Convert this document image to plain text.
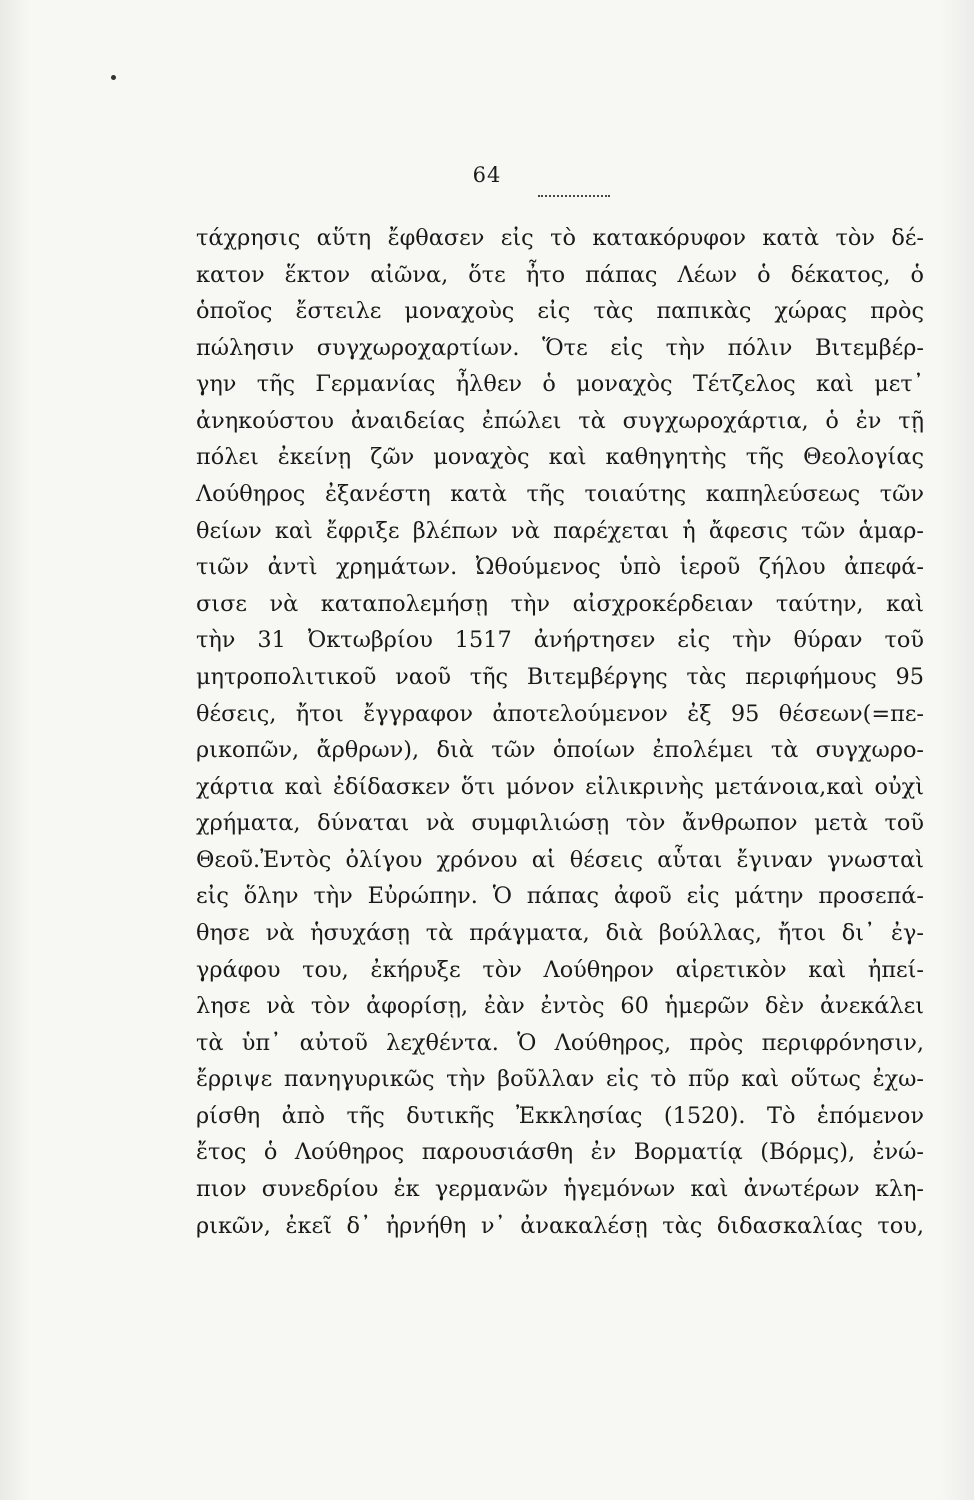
64
τάχρησις αὕτη ἔφθασεν εἰς τὸ κατακόρυφον κατὰ τὸν δέ-
κατον ἕκτον αἰῶνα, ὅτε ἦτο πάπας Λέων ὁ δέκατος, ὁ
ὁποῖος ἔστειλε μοναχοὺς εἰς τὰς παπικὰς χώρας πρὸς
πώλησιν συγχωροχαρτίων. Ὅτε εἰς τὴν πόλιν Βιτεμβέρ-
γην τῆς Γερμανίας ἦλθεν ὁ μοναχὸς Τέτζελος καὶ μετ᾽
ἀνηκούστου ἀναιδείας ἐπώλει τὰ συγχωροχάρτια, ὁ ἐν τῇ
πόλει ἐκείνῃ ζῶν μοναχὸς καὶ καθηγητὴς τῆς Θεολογίας
Λούθηρος ἐξανέστη κατὰ τῆς τοιαύτης καπηλεύσεως τῶν
θείων καὶ ἔφριξε βλέπων νὰ παρέχεται ἡ ἄφεσις τῶν ἁμαρ-
τιῶν ἀντὶ χρημάτων. Ὠθούμενος ὑπὸ ἱεροῦ ζήλου ἀπεφά-
σισε νὰ καταπολεμήσῃ τὴν αἰσχροκέρδειαν ταύτην, καὶ
τὴν 31 Ὀκτωβρίου 1517 ἀνήρτησεν εἰς τὴν θύραν τοῦ
μητροπολιτικοῦ ναοῦ τῆς Βιτεμβέργης τὰς περιφήμους 95
θέσεις, ἤτοι ἔγγραφον ἀποτελούμενον ἐξ 95 θέσεων(=πε-
ρικοπῶν, ἄρθρων), διὰ τῶν ὁποίων ἐπολέμει τὰ συγχωρο-
χάρτια καὶ ἐδίδασκεν ὅτι μόνον εἰλικρινὴς μετάνοια,καὶ οὐχὶ
χρήματα, δύναται νὰ συμφιλιώσῃ τὸν ἄνθρωπον μετὰ τοῦ
Θεοῦ.Ἐντὸς ὀλίγου χρόνου αἱ θέσεις αὗται ἔγιναν γνωσταὶ
εἰς ὅλην τὴν Εὐρώπην. Ὁ πάπας ἀφοῦ εἰς μάτην προσεπά-
θησε νὰ ἡσυχάσῃ τὰ πράγματα, διὰ βούλλας, ἤτοι δι᾽ ἐγ-
γράφου του, ἐκήρυξε τὸν Λούθηρον αἱρετικὸν καὶ ἠπεί-
λησε νὰ τὸν ἀφορίσῃ, ἐὰν ἐντὸς 60 ἡμερῶν δὲν ἀνεκάλει
τὰ ὑπ᾽ αὐτοῦ λεχθέντα. Ὁ Λούθηρος, πρὸς περιφρόνησιν,
ἔρριψε πανηγυρικῶς τὴν βοῦλλαν εἰς τὸ πῦρ καὶ οὕτως ἐχω-
ρίσθη ἀπὸ τῆς δυτικῆς Ἐκκλησίας (1520). Τὸ ἑπόμενον
ἔτος ὁ Λούθηρος παρουσιάσθη ἐν Βορματίᾳ (Βόρμς), ἐνώ-
πιον συνεδρίου ἐκ γερμανῶν ἡγεμόνων καὶ ἀνωτέρων κλη-
ρικῶν, ἐκεῖ δ᾽ ἠρνήθη ν᾽ ἀνακαλέσῃ τὰς διδασκαλίας του,
